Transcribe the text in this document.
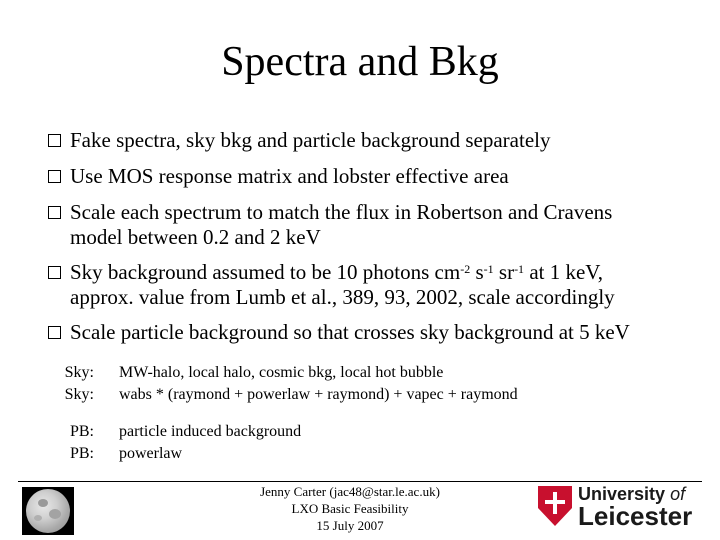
Spectra and Bkg
Fake spectra, sky bkg and particle background separately
Use MOS response matrix and lobster effective area
Scale each spectrum to match the flux in Robertson and Cravens
model between 0.2 and 2 keV
Sky background assumed to be 10 photons $cm^{-2}$ $s^{-1}$ $sr^{-1}$ at 1 keV,
approx. value from Lumb et al., 389, 93, 2002, scale accordingly
Scale particle background so that crosses sky background at 5 keV
Sky: MW-halo, local halo, cosmic bkg, local hot bubble
Sky: wabs * (raymond + powerlaw + raymond) + vapec + raymond
PB: particle induced background
PB: powerlaw
Jenny Carter (jac48@star.le.ac.uk)
LXO Basic Feasibility
15 July 2007
University of
Leicester
